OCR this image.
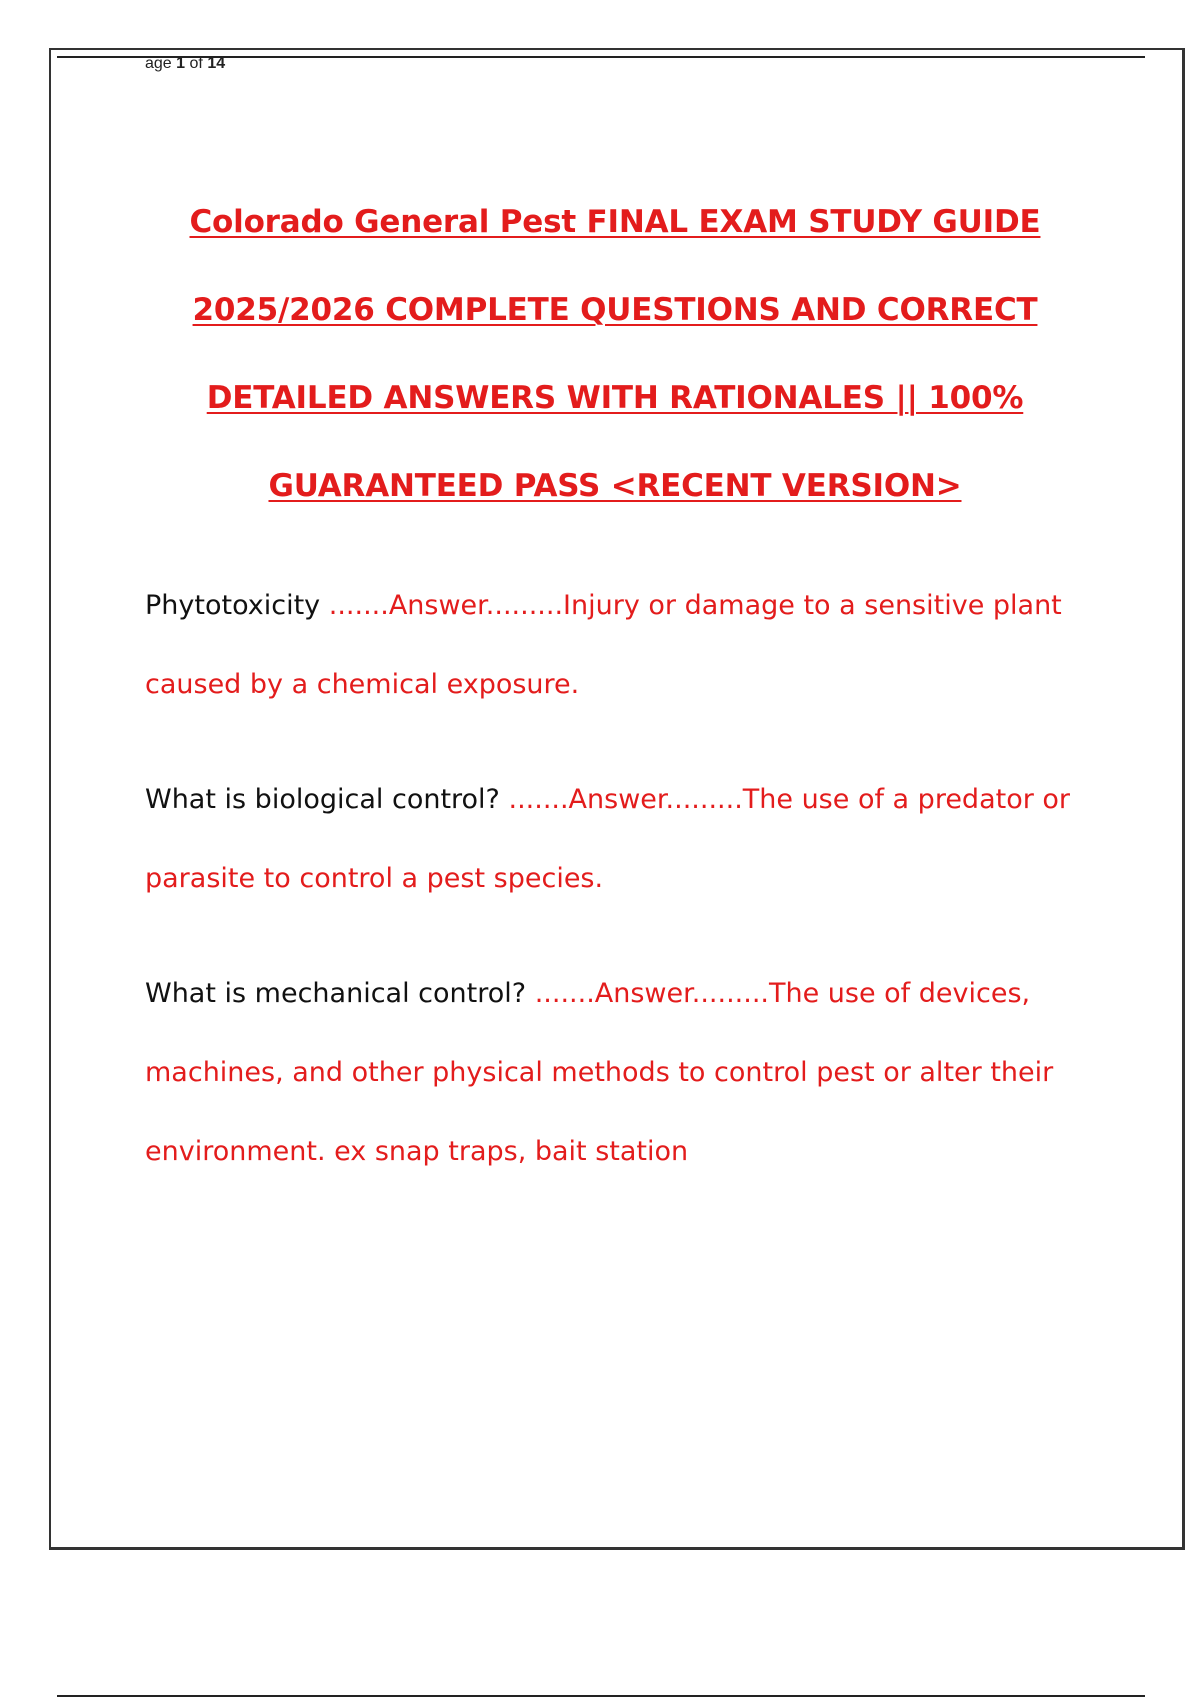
age 1 of 14
Colorado General Pest FINAL EXAM STUDY GUIDE
2025/2026 COMPLETE QUESTIONS AND CORRECT
DETAILED ANSWERS WITH RATIONALES || 100%
GUARANTEED PASS <RECENT VERSION>
Phytotoxicity .......Answer.........Injury or damage to a sensitive plant caused by a chemical exposure.
What is biological control? .......Answer.........The use of a predator or parasite to control a pest species.
What is mechanical control? .......Answer.........The use of devices, machines, and other physical methods to control pest or alter their environment. ex snap traps, bait station
